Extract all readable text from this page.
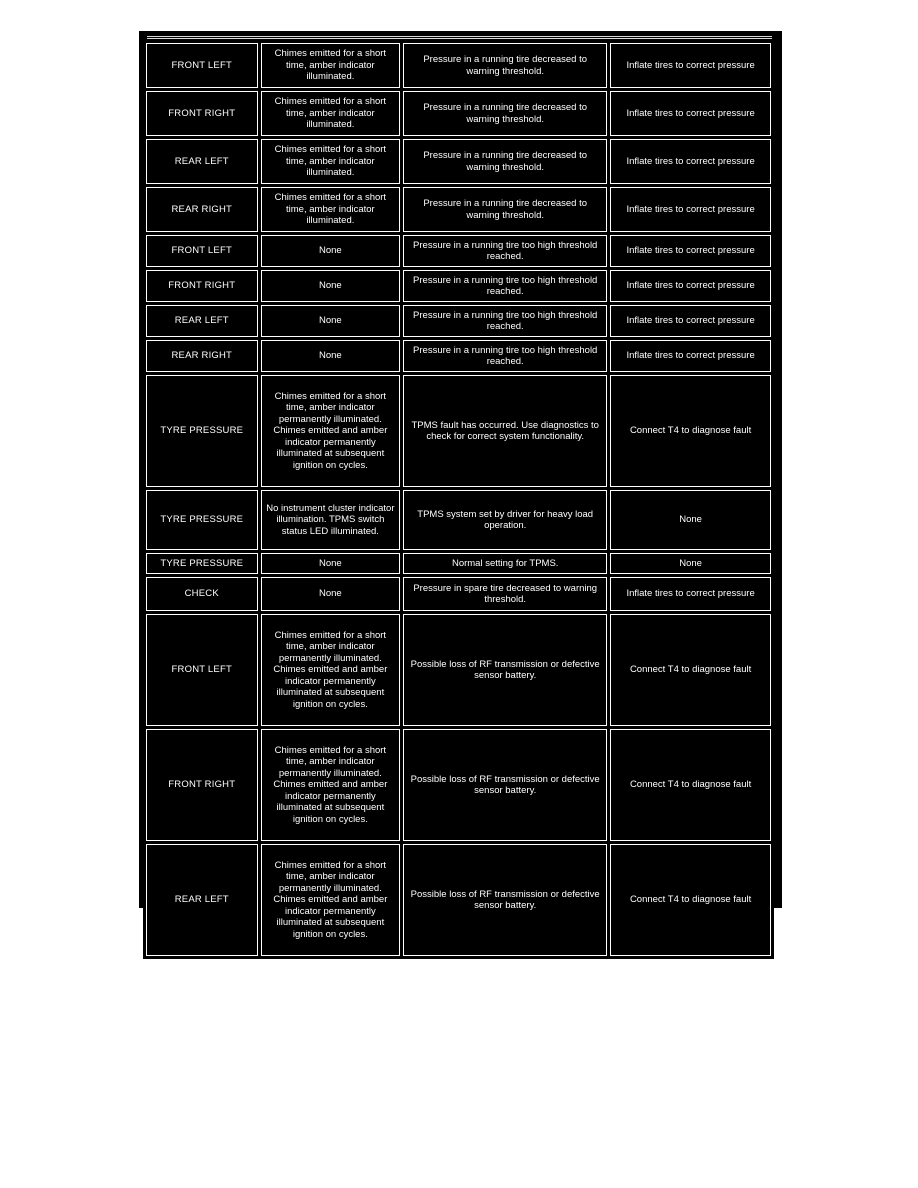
FRONT LEFT	Chimes emitted for a short time, amber indicator illuminated.	Pressure in a running tire decreased to warning threshold.	Inflate tires to correct pressure
FRONT RIGHT	Chimes emitted for a short time, amber indicator illuminated.	Pressure in a running tire decreased to warning threshold.	Inflate tires to correct pressure
REAR LEFT	Chimes emitted for a short time, amber indicator illuminated.	Pressure in a running tire decreased to warning threshold.	Inflate tires to correct pressure
REAR RIGHT	Chimes emitted for a short time, amber indicator illuminated.	Pressure in a running tire decreased to warning threshold.	Inflate tires to correct pressure
FRONT LEFT	None	Pressure in a running tire too high threshold reached.	Inflate tires to correct pressure
FRONT RIGHT	None	Pressure in a running tire too high threshold reached.	Inflate tires to correct pressure
REAR LEFT	None	Pressure in a running tire too high threshold reached.	Inflate tires to correct pressure
REAR RIGHT	None	Pressure in a running tire too high threshold reached.	Inflate tires to correct pressure
TYRE PRESSURE	Chimes emitted for a short time, amber indicator permanently illuminated. Chimes emitted and amber indicator permanently illuminated at subsequent ignition on cycles.	TPMS fault has occurred. Use diagnostics to check for correct system functionality.	Connect T4 to diagnose fault
TYRE PRESSURE	No instrument cluster indicator illumination. TPMS switch status LED illuminated.	TPMS system set by driver for heavy load operation.	None
TYRE PRESSURE	None	Normal setting for TPMS.	None
CHECK	None	Pressure in spare tire decreased to warning threshold.	Inflate tires to correct pressure
FRONT LEFT	Chimes emitted for a short time, amber indicator permanently illuminated. Chimes emitted and amber indicator permanently illuminated at subsequent ignition on cycles.	Possible loss of RF transmission or defective sensor battery.	Connect T4 to diagnose fault
FRONT RIGHT	Chimes emitted for a short time, amber indicator permanently illuminated. Chimes emitted and amber indicator permanently illuminated at subsequent ignition on cycles.	Possible loss of RF transmission or defective sensor battery.	Connect T4 to diagnose fault
REAR LEFT	Chimes emitted for a short time, amber indicator permanently illuminated. Chimes emitted and amber indicator permanently illuminated at subsequent ignition on cycles.	Possible loss of RF transmission or defective sensor battery.	Connect T4 to diagnose fault
